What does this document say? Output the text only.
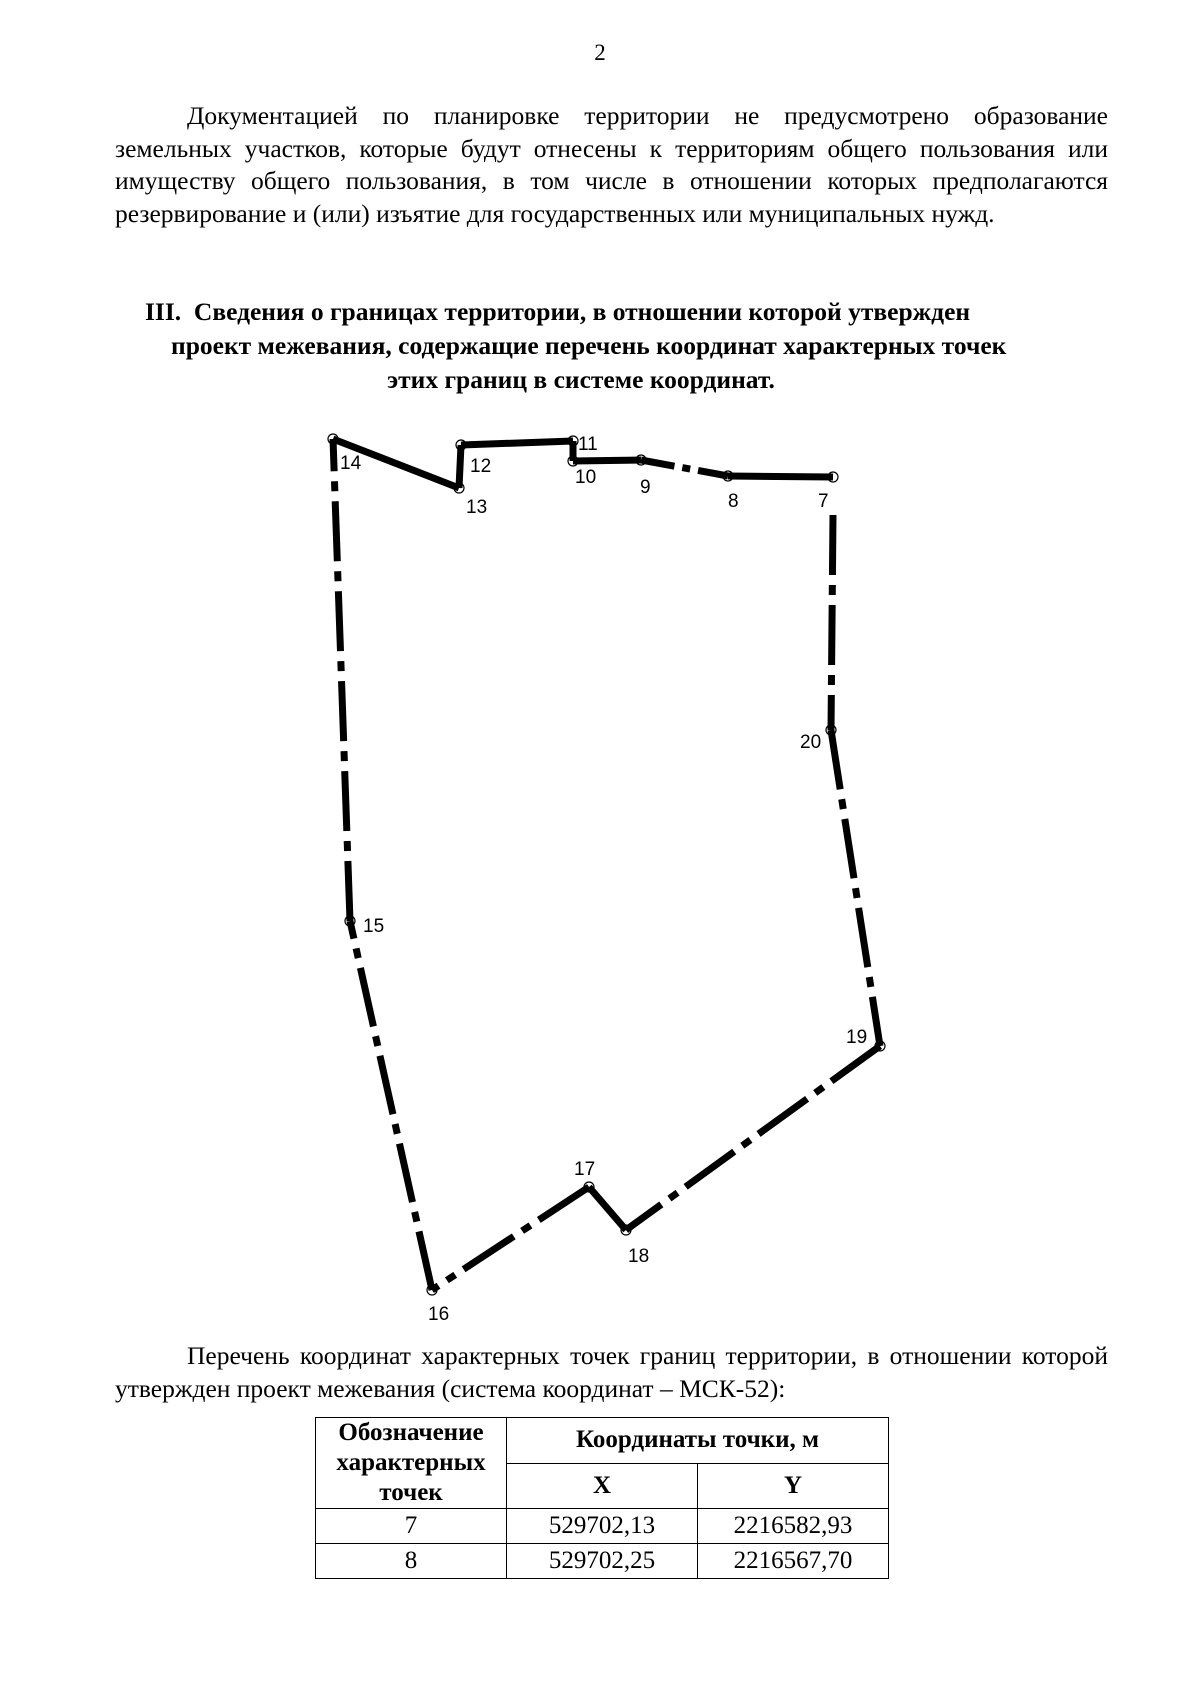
2

Документацией по планировке территории не предусмотрено образование земельных участков, которые будут отнесены к территориям общего пользования или имуществу общего пользования, в том числе в отношении которых предполагаются резервирование и (или) изъятие для государственных или муниципальных нужд.

III. Сведения о границах территории, в отношении которой утвержден
проект межевания, содержащие перечень координат характерных точек
этих границ в системе координат.
7
8
9
10
11
12
13
14
15
16
17
18
19
20

Перечень координат характерных точек границ территории, в отношении которой утвержден проект межевания (система координат – МСК-52):

Обозначение характерных точек	Координаты точки, м	
	X	Y
7	529702,13	2216582,93
8	529702,25	2216567,70
